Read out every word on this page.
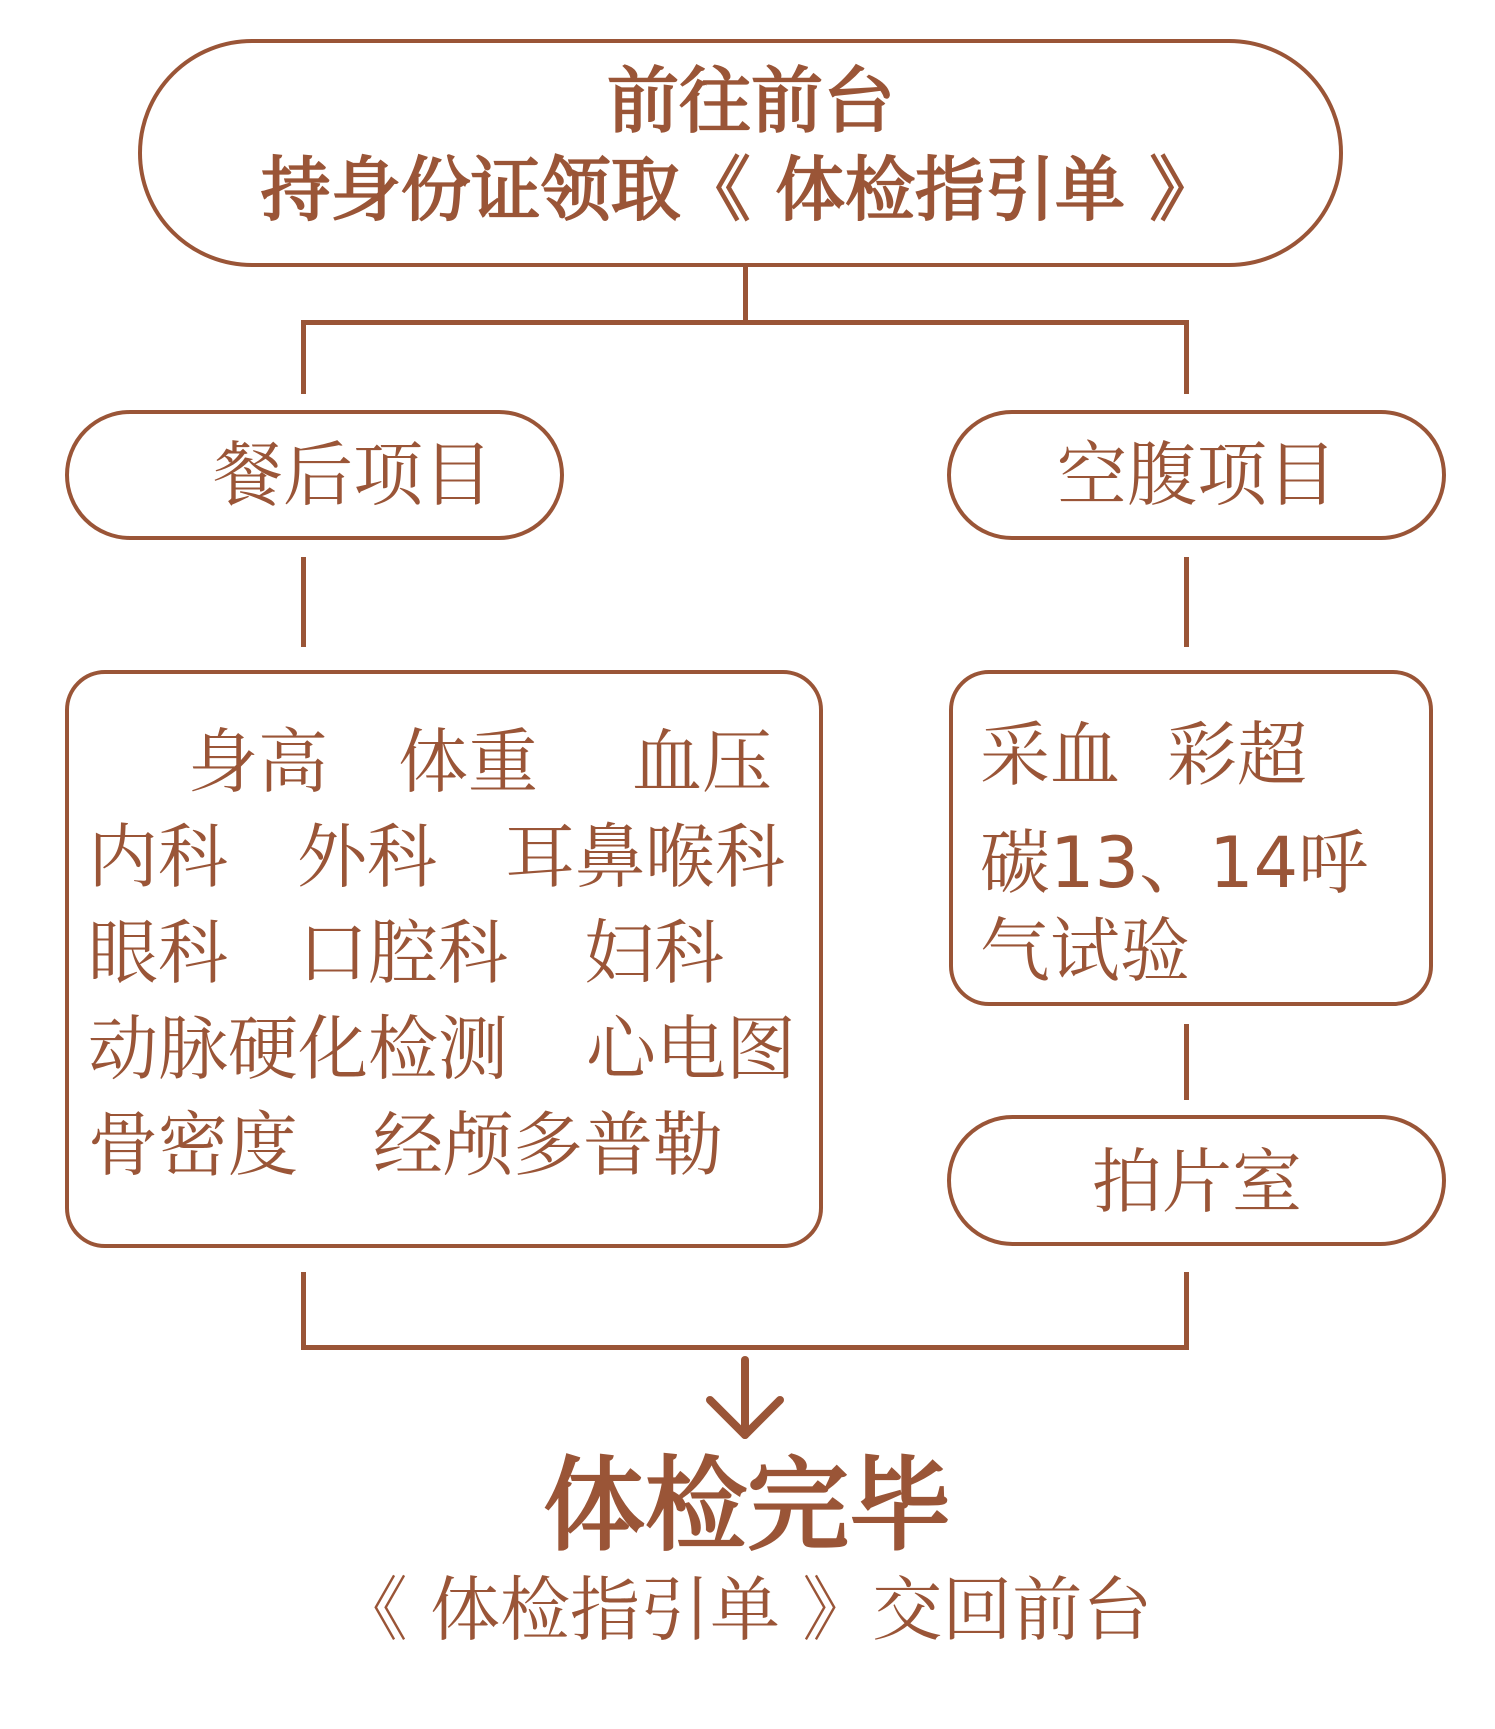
前往前台
持身份证领取《 体检指引单 》
餐后项目	空腹项目
身高 体重 血压
内科 外科 耳鼻喉科
眼科 口腔科 妇科
动脉硬化检测 心电图
骨密度 经颅多普勒
采血 彩超
碳13、14呼
气试验
拍片室
体检完毕
《 体检指引单 》交回前台
